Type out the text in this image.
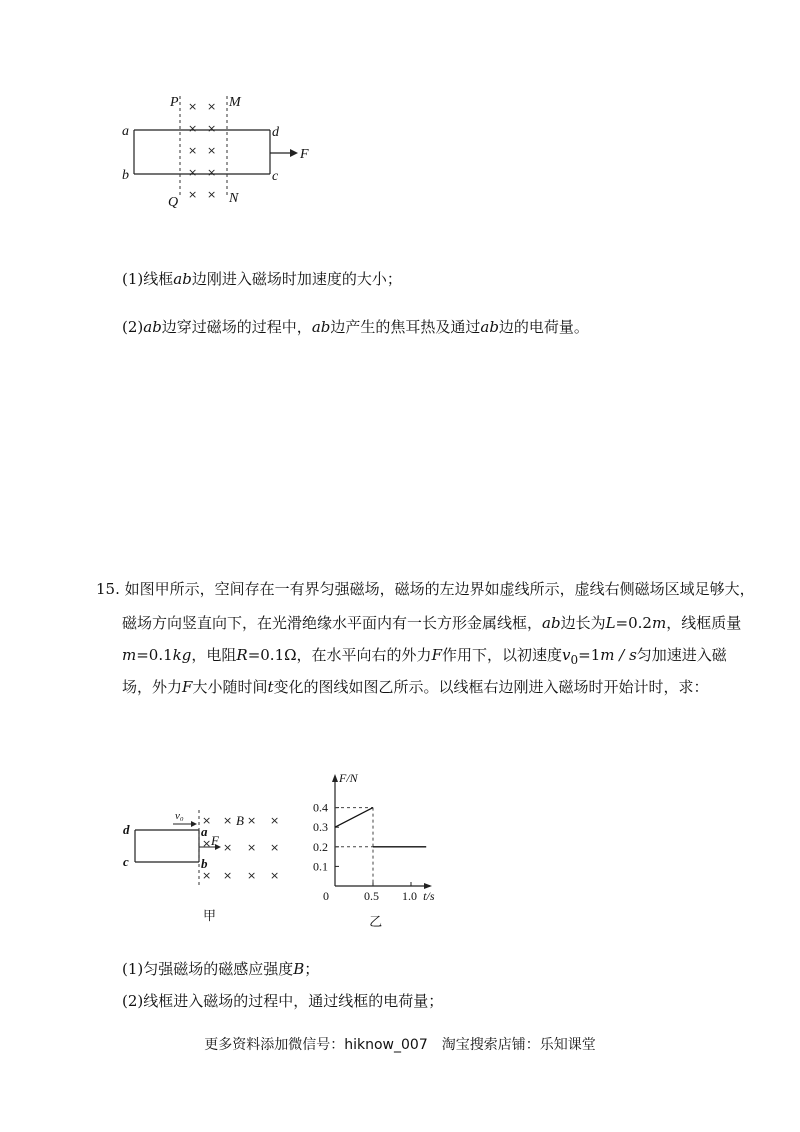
× ×
× ×
× ×
× ×
× ×
P	M
Q	N
a
b	c
d
F
(1)线框ab边刚进入磁场时加速度的大小；
(2)ab边穿过磁场的过程中，ab边产生的焦耳热及通过ab边的电荷量。
15. 如图甲所示，空间存在一有界匀强磁场，磁场的左边界如虚线所示，虚线右侧磁场区域足够大，
磁场方向竖直向下，在光滑绝缘水平面内有一长方形金属线框，ab边长为L=0.2m，线框质量
m=0.1kg，电阻R=0.1Ω，在水平向右的外力F作用下，以初速度$v_0=1m / s$匀加速进入磁
场，外力F大小随时间t变化的图线如图乙所示。以线框右边刚进入磁场时开始计时，求：
× × × ×
× × × ×
× × × ×
v₀	B
a
b
c
d
F
甲
F/N
t/s
0
0.1
0.2
0.3
0.4
0.5 1.0
乙
(1)匀强磁场的磁感应强度B；
(2)线框进入磁场的过程中，通过线框的电荷量；
更多资料添加微信号：hiknow_007　淘宝搜索店铺：乐知课堂
